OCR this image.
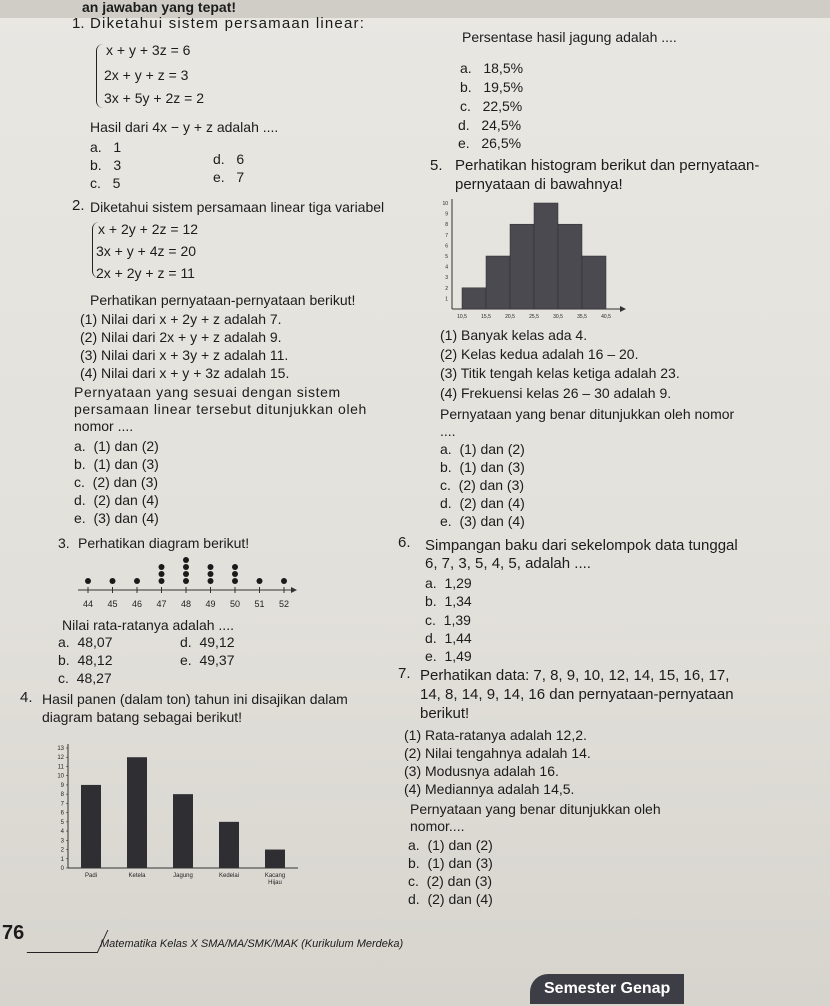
an jawaban yang tepat!
1. Diketahui sistem persamaan linear:
x + y + 3z = 6
2x + y + z = 3
3x + 5y + 2z = 2
Hasil dari 4x − y + z adalah ....
a. 1
b. 3
c. 5
d. 6
e. 7
Persentase hasil jagung adalah ....
a. 18,5%
b. 19,5%
c. 22,5%
d. 24,5%
e. 26,5%
5. Perhatikan histogram berikut dan pernyataan-
pernyataan di bawahnya!
1
2
3
4
5
6
7
8
9
10
10,5	15,5	20,5	25,5	30,5	35,5	40,5
(1) Banyak kelas ada 4.
(2) Kelas kedua adalah 16 – 20.
(3) Titik tengah kelas ketiga adalah 23.
(4) Frekuensi kelas 26 – 30 adalah 9.
Pernyataan yang benar ditunjukkan oleh nomor
....
a. (1) dan (2)
b. (1) dan (3)
c. (2) dan (3)
d. (2) dan (4)
e. (3) dan (4)
2. Diketahui sistem persamaan linear tiga variabel
x + 2y + 2z = 12
3x + y + 4z = 20
2x + 2y + z = 11
Perhatikan pernyataan-pernyataan berikut!
(1) Nilai dari x + 2y + z adalah 7.
(2) Nilai dari 2x + y + z adalah 9.
(3) Nilai dari x + 3y + z adalah 11.
(4) Nilai dari x + y + 3z adalah 15.
Pernyataan yang sesuai dengan sistem
persamaan linear tersebut ditunjukkan oleh
nomor ....
a. (1) dan (2)
b. (1) dan (3)
c. (2) dan (3)
d. (2) dan (4)
e. (3) dan (4)
3. Perhatikan diagram berikut!
44 45 46 47 48 49 50 51 52
Nilai rata-ratanya adalah ....
a. 48,07
b. 48,12
c. 48,27
d. 49,12
e. 49,37
6. Simpangan baku dari sekelompok data tunggal
6, 7, 3, 5, 4, 5, adalah ....
a. 1,29
b. 1,34
c. 1,39
d. 1,44
e. 1,49
7. Perhatikan data: 7, 8, 9, 10, 12, 14, 15, 16, 17,
14, 8, 14, 9, 14, 16 dan pernyataan-pernyataan
berikut!
(1) Rata-ratanya adalah 12,2.
(2) Nilai tengahnya adalah 14.
(3) Modusnya adalah 16.
(4) Mediannya adalah 14,5.
Pernyataan yang benar ditunjukkan oleh
nomor....
a. (1) dan (2)
b. (1) dan (3)
c. (2) dan (3)
d. (2) dan (4)
4. Hasil panen (dalam ton) tahun ini disajikan dalam
diagram batang sebagai berikut!
0
1
2
3
4
5
6
7
8
9
10
11
12
13
Padi	Ketela	Jagung	Kedelai	Kacang
Hijau
76	Matematika Kelas X SMA/MA/SMK/MAK (Kurikulum Merdeka)
Semester Genap
